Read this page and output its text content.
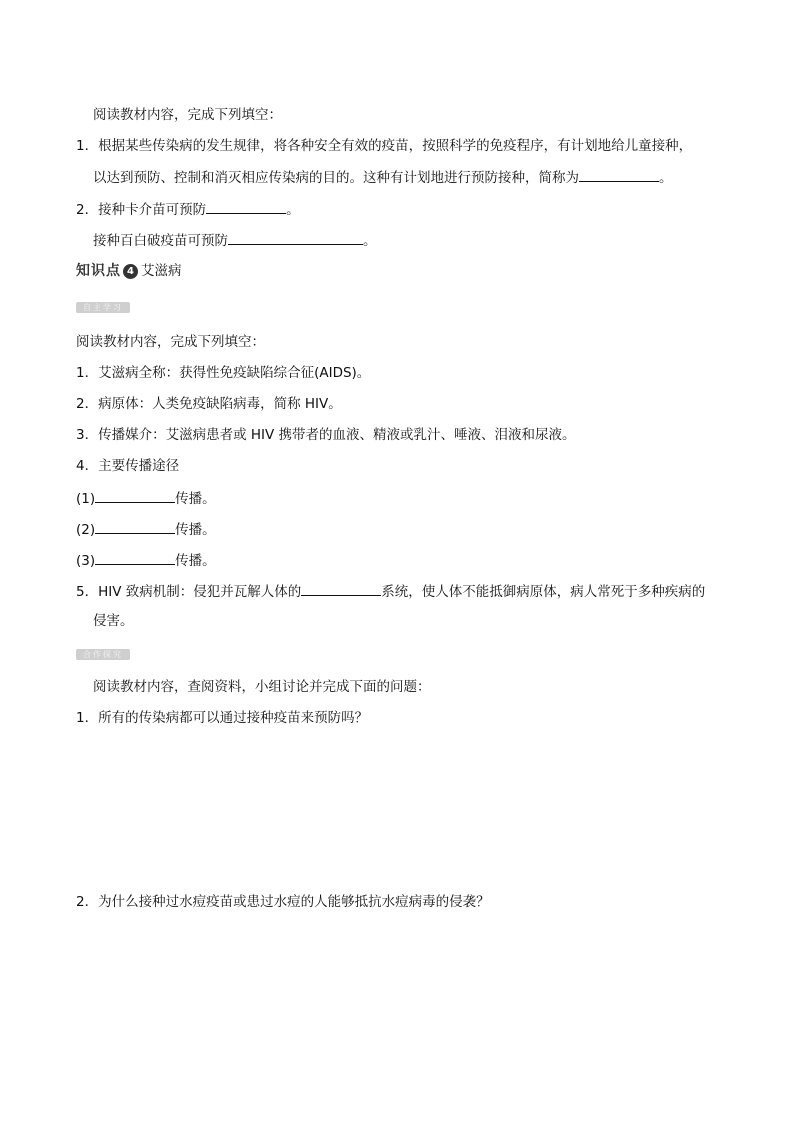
阅读教材内容，完成下列填空：
1．根据某些传染病的发生规律，将各种安全有效的疫苗，按照科学的免疫程序，有计划地给儿童接种，
以达到预防、控制和消灭相应传染病的目的。这种有计划地进行预防接种，简称为	。
2．接种卡介苗可预防	。
接种百白破疫苗可预防	。
知识点 4 艾滋病
自主学习
阅读教材内容，完成下列填空：
1．艾滋病全称：获得性免疫缺陷综合征(AIDS)。
2．病原体：人类免疫缺陷病毒，简称 HIV。
3．传播媒介：艾滋病患者或 HIV 携带者的血液、精液或乳汁、唾液、泪液和尿液。
4．主要传播途径
(1)	传播。
(2)	传播。
(3)	传播。
5．HIV 致病机制：侵犯并瓦解人体的	系统，使人体不能抵御病原体，病人常死于多种疾病的
侵害。
合作探究
阅读教材内容，查阅资料，小组讨论并完成下面的问题：
1．所有的传染病都可以通过接种疫苗来预防吗？
2．为什么接种过水痘疫苗或患过水痘的人能够抵抗水痘病毒的侵袭？
